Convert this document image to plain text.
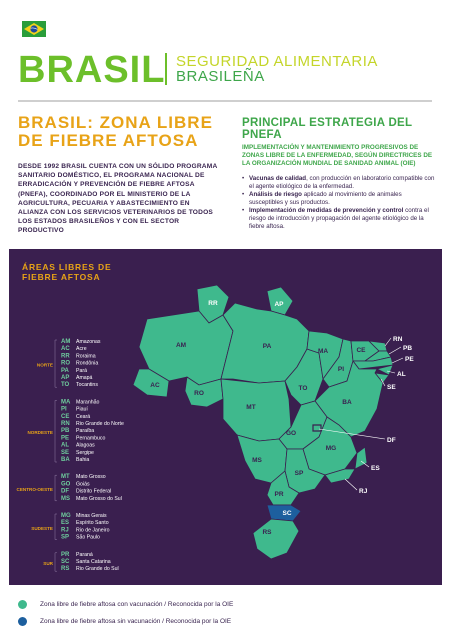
BRASIL SEGURIDAD ALIMENTARIA
BRASILEÑA
BRASIL: ZONA LIBRE DE FIEBRE AFTOSA
DESDE 1992 BRASIL CUENTA CON UN SÓLIDO PROGRAMA SANITARIO DOMÉSTICO, EL PROGRAMA NACIONAL DE ERRADICACIÓN Y PREVENCIÓN DE FIEBRE AFTOSA (PNEFA), COORDINADO POR EL MINISTERIO DE LA AGRICULTURA, PECUARIA Y ABASTECIMIENTO EN ALIANZA CON LOS SERVICIOS VETERINARIOS DE TODOS LOS ESTADOS BRASILEÑOS Y CON EL SECTOR PRODUCTIVO
PRINCIPAL ESTRATEGIA DEL PNEFA
IMPLEMENTACIÓN Y MANTENIMIENTO PROGRESIVOS DE ZONAS LIBRE DE LA ENFERMEDAD, SEGÚN DIRECTRICES DE LA ORGANIZACIÓN MUNDIAL DE SANIDAD ANIMAL (OIE)
• Vacunas de calidad, con producción en laboratorio compatible con el agente etiológico de la enfermedad.
• Análisis de riesgo aplicado al movimiento de animales susceptibles y sus productos.
• Implementación de medidas de prevención y control contra el riesgo de introducción y propagación del agente etiológico de la fiebre aftosa.
ÁREAS LIBRES DE FIEBRE AFTOSA
RR	AP
AM	PA
AC
RO
MT
TO
MA
PI
CE
BA
GO
MG
MS
SP
PR
SC
RS
RN
PB
PE
AL
SE
DF
ES
RJ
NORTE
AM Amazonas
AC Acre
RR Roraima
RO Rondônia
PA Pará
AP Amapá
TO Tocantins
NORDESTE
MA Maranhão
PI Piauí
CE Ceará
RN Rio Grande do Norte
PB Paraíba
PE Pernambuco
AL Alagoas
SE Sergipe
BA Bahia
CENTRO-OESTE
MT Mato Grosso
GO Goiás
DF Distrito Federal
MS Mato Grosso do Sul
SUDESTE
MG Minas Gerais
ES Espírito Santo
RJ Rio de Janeiro
SP São Paulo
SUR
PR Paraná
SC Santa Catarina
RS Rio Grande do Sul
Zona libre de fiebre aftosa con vacunación / Reconocida por la OIE
Zona libre de fiebre aftosa sin vacunación / Reconocida por la OIE
